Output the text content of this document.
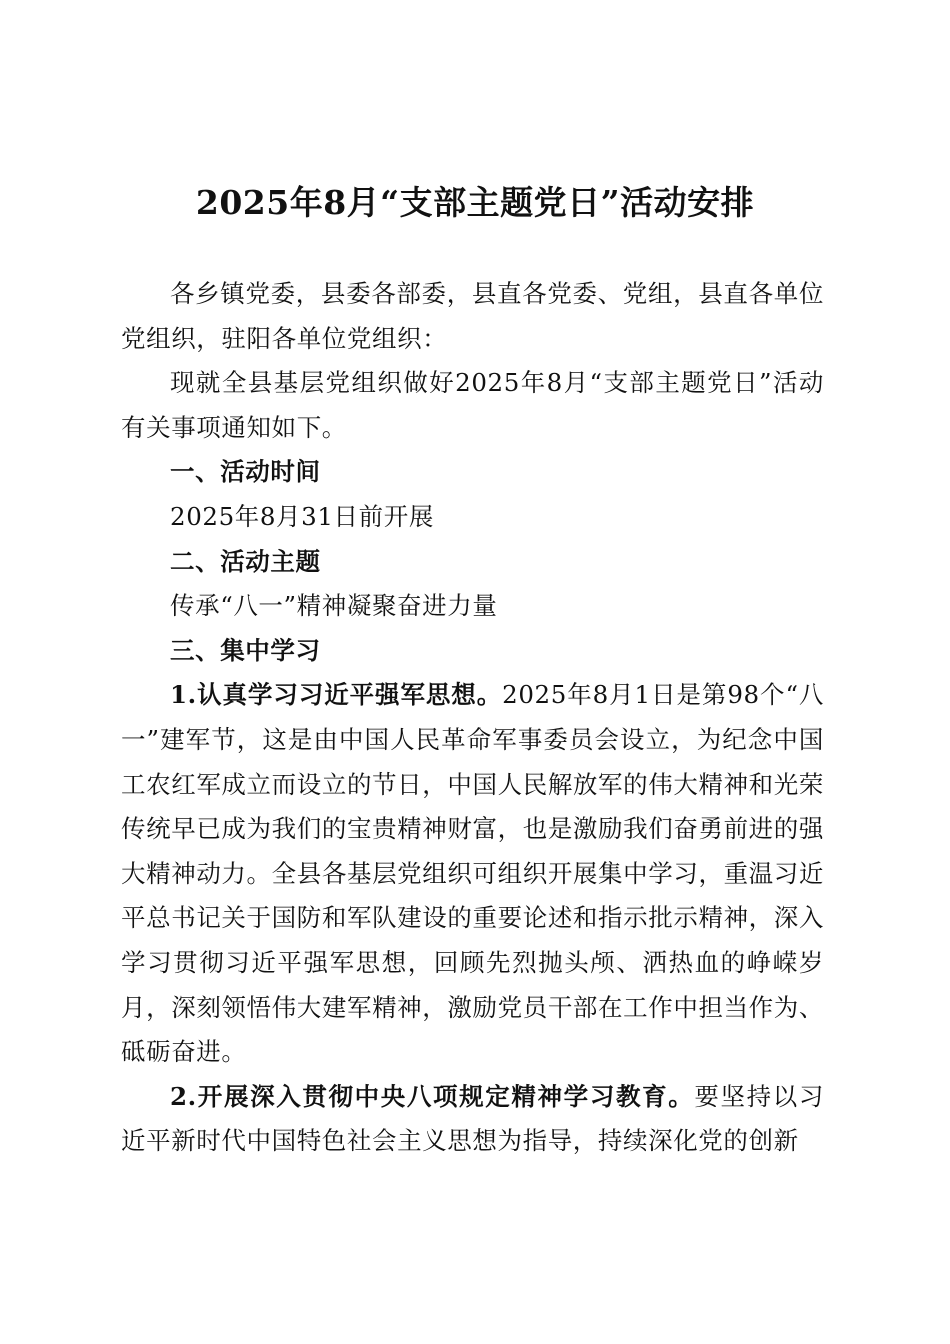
2025年8月“支部主题党日”活动安排

各乡镇党委，县委各部委，县直各党委、党组，县直各单位党组织，驻阳各单位党组织：

现就全县基层党组织做好2025年8月“支部主题党日”活动有关事项通知如下。

一、活动时间

2025年8月31日前开展

二、活动主题

传承“八一”精神凝聚奋进力量

三、集中学习

1.认真学习习近平强军思想。2025年8月1日是第98个“八一”建军节，这是由中国人民革命军事委员会设立，为纪念中国工农红军成立而设立的节日，中国人民解放军的伟大精神和光荣传统早已成为我们的宝贵精神财富，也是激励我们奋勇前进的强大精神动力。全县各基层党组织可组织开展集中学习，重温习近平总书记关于国防和军队建设的重要论述和指示批示精神，深入学习贯彻习近平强军思想，回顾先烈抛头颅、洒热血的峥嵘岁月，深刻领悟伟大建军精神，激励党员干部在工作中担当作为、砥砺奋进。

2.开展深入贯彻中央八项规定精神学习教育。要坚持以习近平新时代中国特色社会主义思想为指导，持续深化党的创新
